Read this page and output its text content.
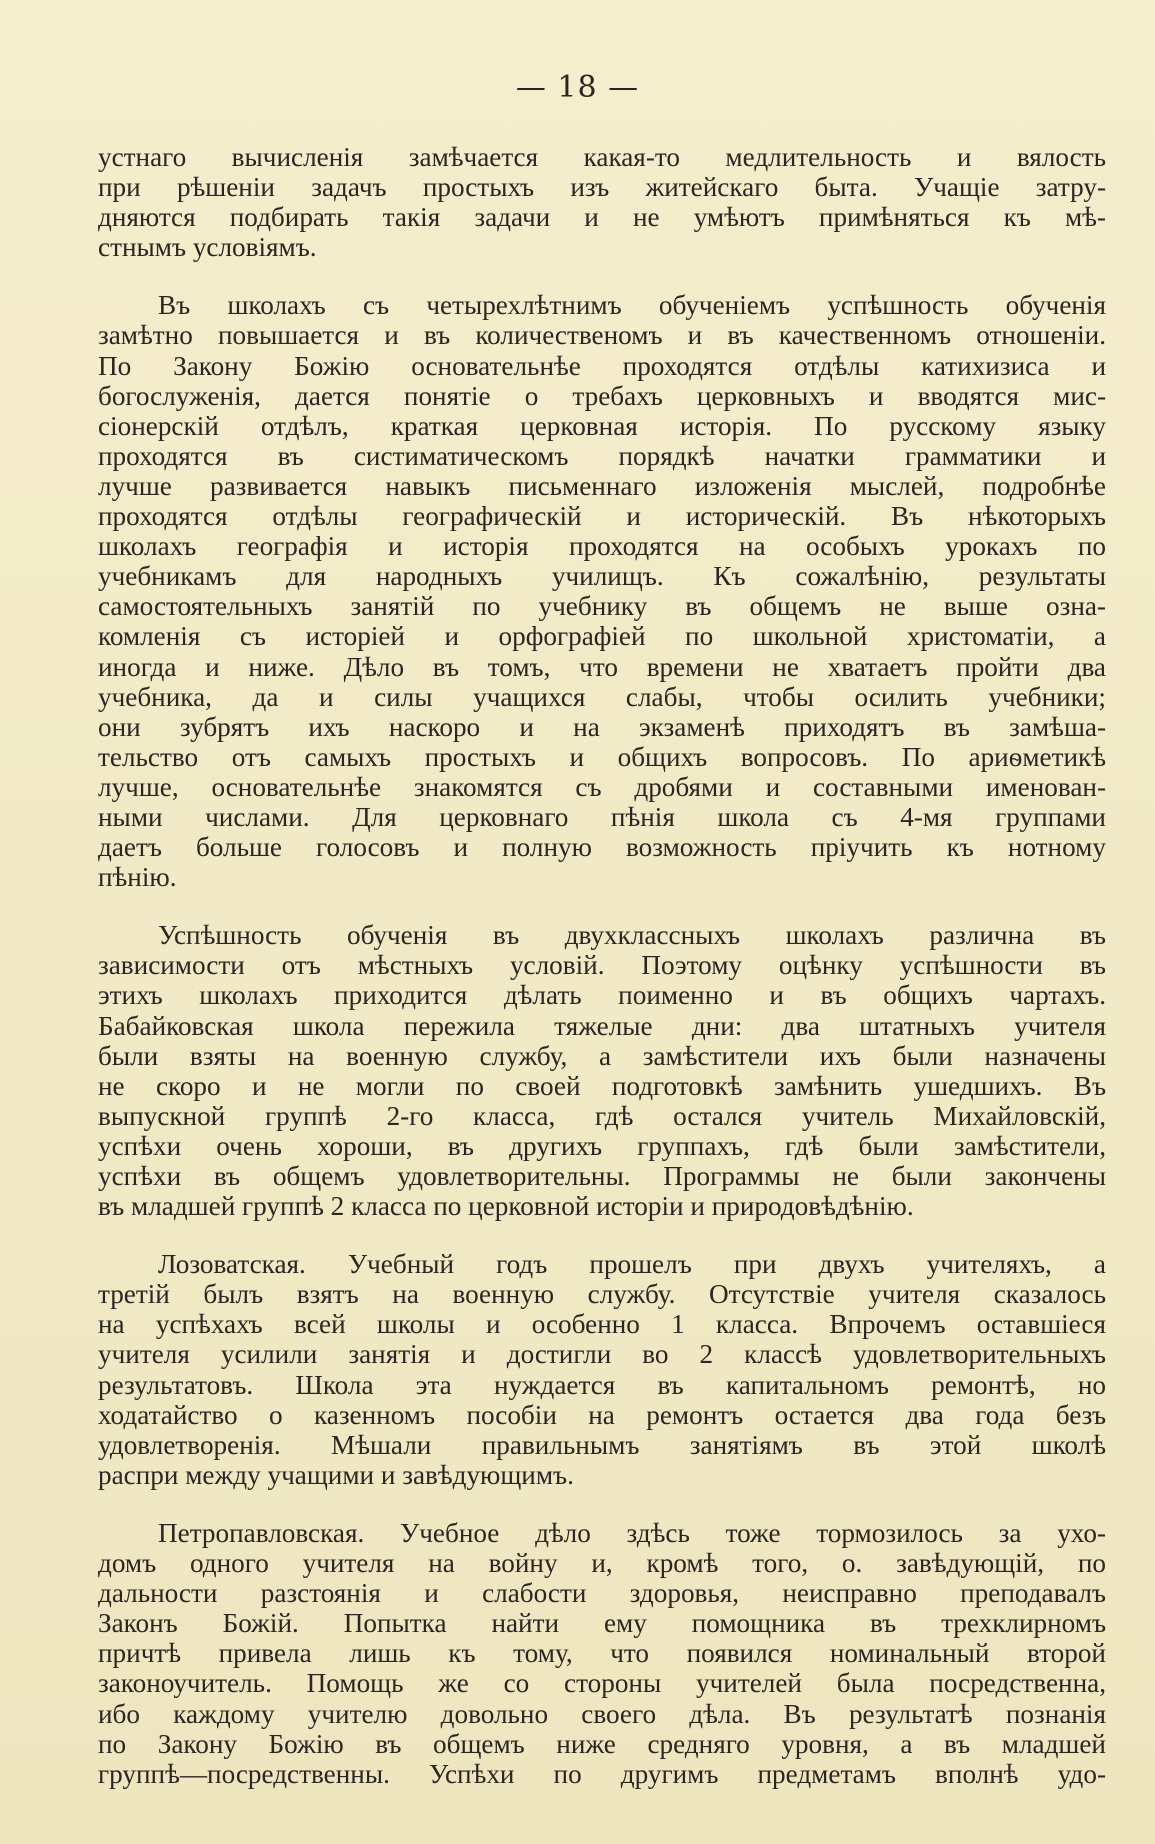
— 18 —

устнаго вычисленія замѣчается какая-то медлительность и вялость
при рѣшеніи задачъ простыхъ изъ житейскаго быта. Учащіе затру-
дняются подбирать такія задачи и не умѣютъ примѣняться къ мѣ-
стнымъ условіямъ.

Въ школахъ съ четырехлѣтнимъ обученіемъ успѣшность обученія
замѣтно повышается и въ количественомъ и въ качественномъ отношеніи.
По Закону Божію основательнѣе проходятся отдѣлы катихизиса и
богослуженія, дается понятіе о требахъ церковныхъ и вводятся мис-
сіонерскій отдѣлъ, краткая церковная исторія. По русскому языку
проходятся въ систиматическомъ порядкѣ начатки грамматики и
лучше развивается навыкъ письменнаго изложенія мыслей, подробнѣе
проходятся отдѣлы географическій и историческій. Въ нѣкоторыхъ
школахъ географія и исторія проходятся на особыхъ урокахъ по
учебникамъ для народныхъ училищъ. Къ сожалѣнію, результаты
самостоятельныхъ занятій по учебнику въ общемъ не выше озна-
комленія съ исторіей и орфографіей по школьной христоматіи, а
иногда и ниже. Дѣло въ томъ, что времени не хватаетъ пройти два
учебника, да и силы учащихся слабы, чтобы осилить учебники;
они зубрятъ ихъ наскоро и на экзаменѣ приходятъ въ замѣша-
тельство отъ самыхъ простыхъ и общихъ вопросовъ. По ариѳметикѣ
лучше, основательнѣе знакомятся съ дробями и составными именован-
ными числами. Для церковнаго пѣнія школа съ 4-мя группами
даетъ больше голосовъ и полную возможность пріучить къ нотному
пѣнію.

Успѣшность обученія въ двухклассныхъ школахъ различна въ
зависимости отъ мѣстныхъ условій. Поэтому оцѣнку успѣшности въ
этихъ школахъ приходится дѣлать поименно и въ общихъ чартахъ.
Бабайковская школа пережила тяжелые дни: два штатныхъ учителя
были взяты на военную службу, а замѣстители ихъ были назначены
не скоро и не могли по своей подготовкѣ замѣнить ушедшихъ. Въ
выпускной группѣ 2-го класса, гдѣ остался учитель Михайловскій,
успѣхи очень хороши, въ другихъ группахъ, гдѣ были замѣстители,
успѣхи въ общемъ удовлетворительны. Программы не были закончены
въ младшей группѣ 2 класса по церковной исторіи и природовѣдѣнію.

Лозоватская. Учебный годъ прошелъ при двухъ учителяхъ, а
третій былъ взятъ на военную службу. Отсутствіе учителя сказалось
на успѣхахъ всей школы и особенно 1 класса. Впрочемъ оставшіеся
учителя усилили занятія и достигли во 2 классѣ удовлетворительныхъ
результатовъ. Школа эта нуждается въ капитальномъ ремонтѣ, но
ходатайство о казенномъ пособіи на ремонтъ остается два года безъ
удовлетворенія. Мѣшали правильнымъ занятіямъ въ этой школѣ
распри между учащими и завѣдующимъ.

Петропавловская. Учебное дѣло здѣсь тоже тормозилось за ухо-
домъ одного учителя на войну и, кромѣ того, о. завѣдующій, по
дальности разстоянія и слабости здоровья, неисправно преподавалъ
Законъ Божій. Попытка найти ему помощника въ трехклирномъ
причтѣ привела лишь къ тому, что появился номинальный второй
законоучитель. Помощь же со стороны учителей была посредственна,
ибо каждому учителю довольно своего дѣла. Въ результатѣ познанія
по Закону Божію въ общемъ ниже средняго уровня, а въ младшей
группѣ—посредственны. Успѣхи по другимъ предметамъ вполнѣ удо-
